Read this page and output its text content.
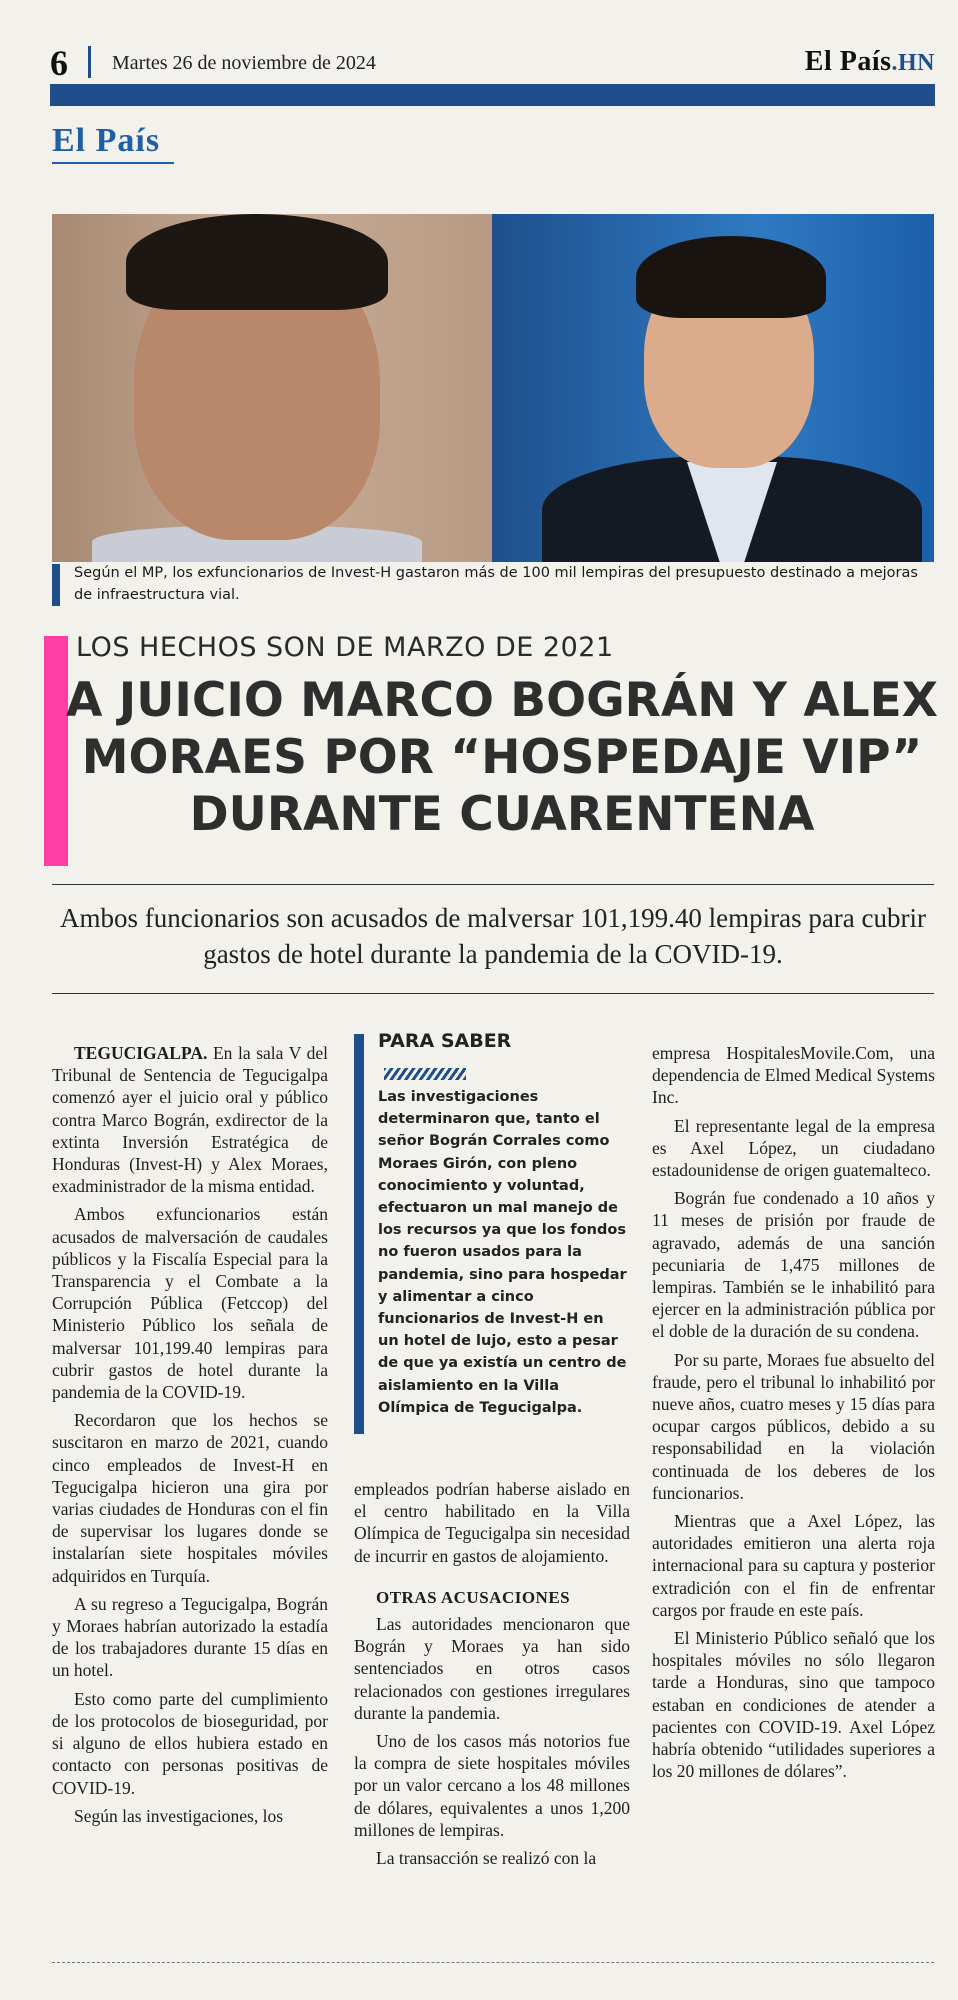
6 Martes 26 de noviembre de 2024	El País.HN
El País
Según el MP, los exfuncionarios de Invest-H gastaron más de 100 mil lempiras del presupuesto destinado a mejoras de infraestructura vial.
LOS HECHOS SON DE MARZO DE 2021
A JUICIO MARCO BOGRÁN Y ALEX MORAES POR “HOSPEDAJE VIP” DURANTE CUARENTENA
Ambos funcionarios son acusados de malversar 101,199.40 lempiras para cubrir gastos de hotel durante la pandemia de la COVID-19.

TEGUCIGALPA. En la sala V del Tribunal de Sentencia de Tegucigalpa comenzó ayer el juicio oral y público contra Marco Bográn, exdirector de la extinta Inversión Estratégica de Honduras (Invest-H) y Alex Moraes, exadministrador de la misma entidad.

Ambos exfuncionarios están acusados de malversación de caudales públicos y la Fiscalía Especial para la Transparencia y el Combate a la Corrupción Pública (Fetccop) del Ministerio Público los señala de malversar 101,199.40 lempiras para cubrir gastos de hotel durante la pandemia de la COVID-19.

Recordaron que los hechos se suscitaron en marzo de 2021, cuando cinco empleados de Invest-H en Tegucigalpa hicieron una gira por varias ciudades de Honduras con el fin de supervisar los lugares donde se instalarían siete hospitales móviles adquiridos en Turquía.

A su regreso a Tegucigalpa, Bográn y Moraes habrían autorizado la estadía de los trabajadores durante 15 días en un hotel.

Esto como parte del cumplimiento de los protocolos de bioseguridad, por si alguno de ellos hubiera estado en contacto con personas positivas de COVID-19.

Según las investigaciones, los

PARA SABER
Las investigaciones determinaron que, tanto el señor Bográn Corrales como Moraes Girón, con pleno conocimiento y voluntad, efectuaron un mal manejo de los recursos ya que los fondos no fueron usados para la pandemia, sino para hospedar y alimentar a cinco funcionarios de Invest-H en un hotel de lujo, esto a pesar de que ya existía un centro de aislamiento en la Villa Olímpica de Tegucigalpa.

empleados podrían haberse aislado en el centro habilitado en la Villa Olímpica de Tegucigalpa sin necesidad de incurrir en gastos de alojamiento.

OTRAS ACUSACIONES

Las autoridades mencionaron que Bográn y Moraes ya han sido sentenciados en otros casos relacionados con gestiones irregulares durante la pandemia.

Uno de los casos más notorios fue la compra de siete hospitales móviles por un valor cercano a los 48 millones de dólares, equivalentes a unos 1,200 millones de lempiras.

La transacción se realizó con la

empresa HospitalesMovile.Com, una dependencia de Elmed Medical Systems Inc.

El representante legal de la empresa es Axel López, un ciudadano estadounidense de origen guatemalteco.

Bográn fue condenado a 10 años y 11 meses de prisión por fraude de agravado, además de una sanción pecuniaria de 1,475 millones de lempiras. También se le inhabilitó para ejercer en la administración pública por el doble de la duración de su condena.

Por su parte, Moraes fue absuelto del fraude, pero el tribunal lo inhabilitó por nueve años, cuatro meses y 15 días para ocupar cargos públicos, debido a su responsabilidad en la violación continuada de los deberes de los funcionarios.

Mientras que a Axel López, las autoridades emitieron una alerta roja internacional para su captura y posterior extradición con el fin de enfrentar cargos por fraude en este país.

El Ministerio Público señaló que los hospitales móviles no sólo llegaron tarde a Honduras, sino que tampoco estaban en condiciones de atender a pacientes con COVID-19. Axel López habría obtenido “utilidades superiores a los 20 millones de dólares”.
